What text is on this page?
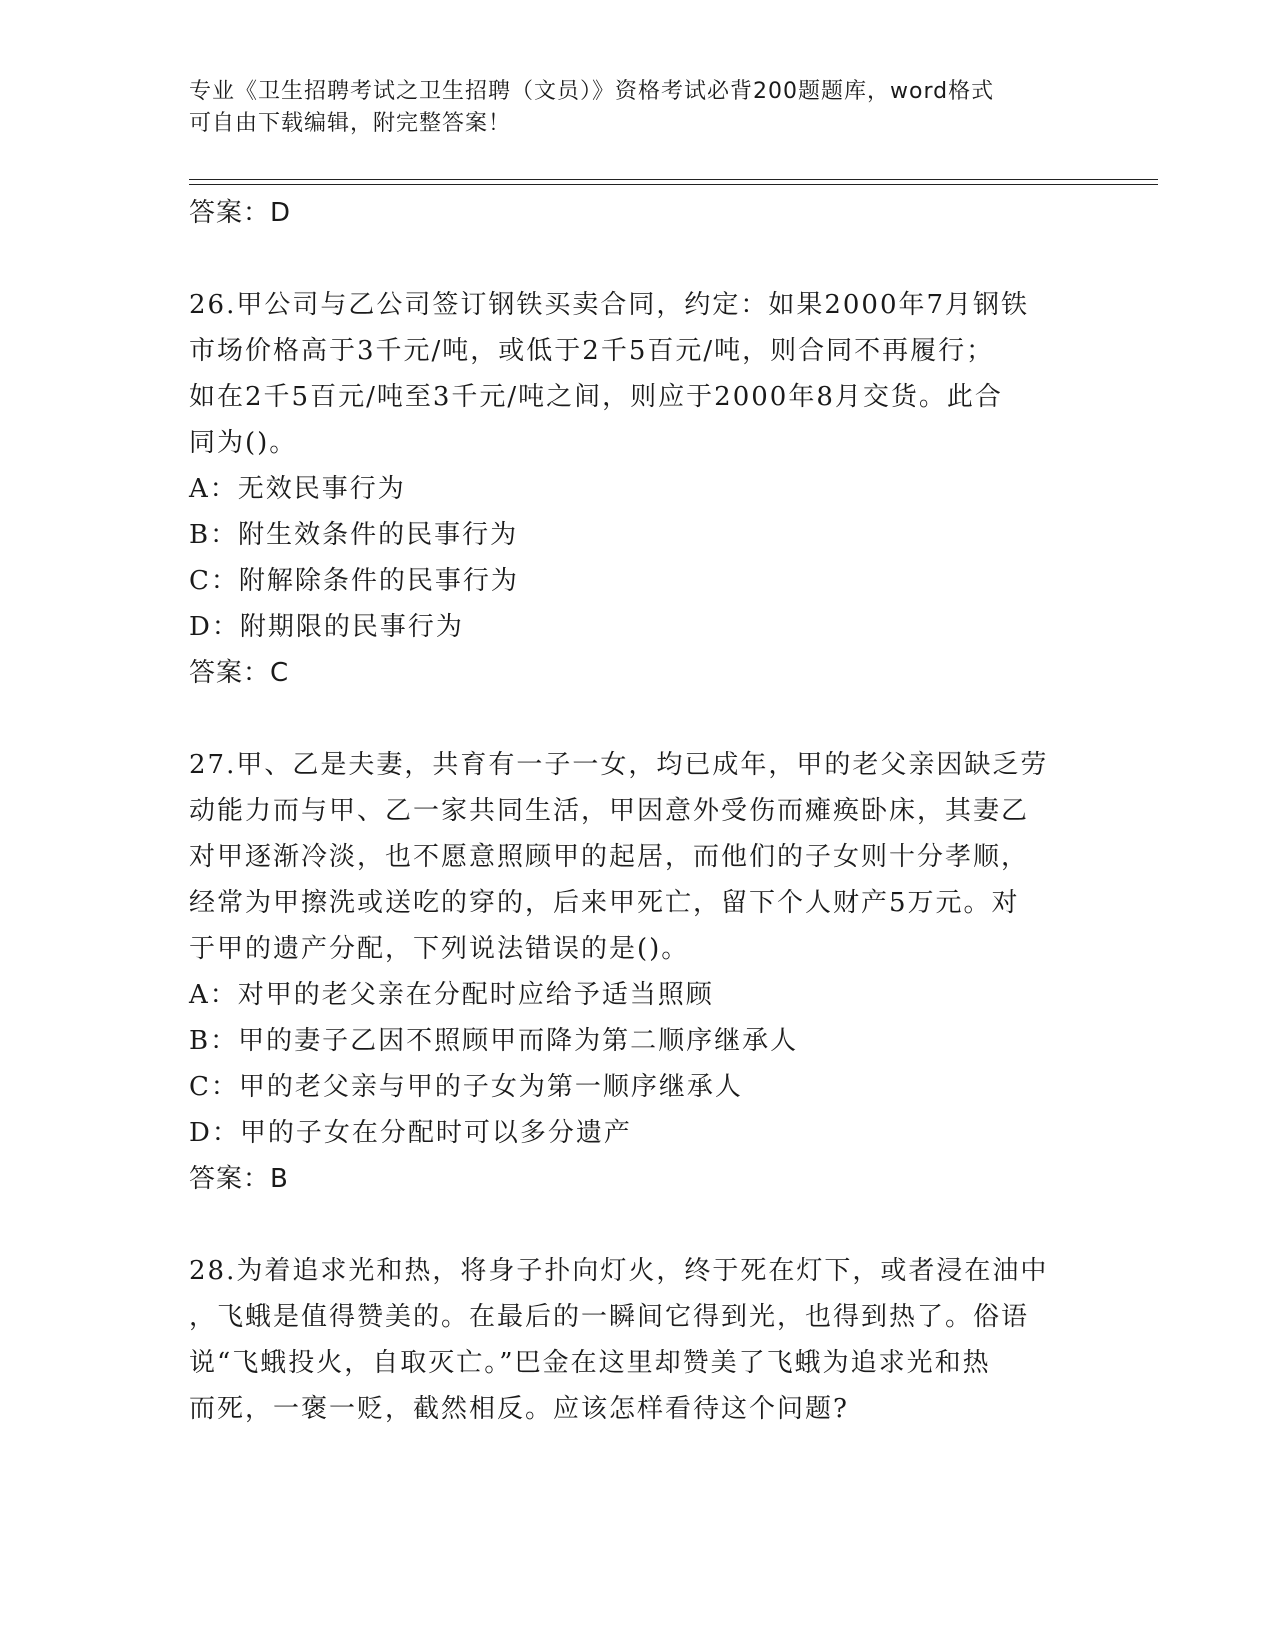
专业《卫生招聘考试之卫生招聘（文员）》资格考试必背200题题库，word格式
可自由下载编辑，附完整答案！
答案：D
26.甲公司与乙公司签订钢铁买卖合同，约定：如果2000年7月钢铁
市场价格高于3千元/吨，或低于2千5百元/吨，则合同不再履行；
如在2千5百元/吨至3千元/吨之间，则应于2000年8月交货。此合
同为()。
A：无效民事行为
B：附生效条件的民事行为
C：附解除条件的民事行为
D：附期限的民事行为
答案：C
27.甲、乙是夫妻，共育有一子一女，均已成年，甲的老父亲因缺乏劳
动能力而与甲、乙一家共同生活，甲因意外受伤而瘫痪卧床，其妻乙
对甲逐渐冷淡，也不愿意照顾甲的起居，而他们的子女则十分孝顺，
经常为甲擦洗或送吃的穿的，后来甲死亡，留下个人财产5万元。对
于甲的遗产分配，下列说法错误的是()。
A：对甲的老父亲在分配时应给予适当照顾
B：甲的妻子乙因不照顾甲而降为第二顺序继承人
C：甲的老父亲与甲的子女为第一顺序继承人
D：甲的子女在分配时可以多分遗产
答案：B
28.为着追求光和热，将身子扑向灯火，终于死在灯下，或者浸在油中
，飞蛾是值得赞美的。在最后的一瞬间它得到光，也得到热了。俗语
说“飞蛾投火，自取灭亡。”巴金在这里却赞美了飞蛾为追求光和热
而死，一褒一贬，截然相反。应该怎样看待这个问题?
